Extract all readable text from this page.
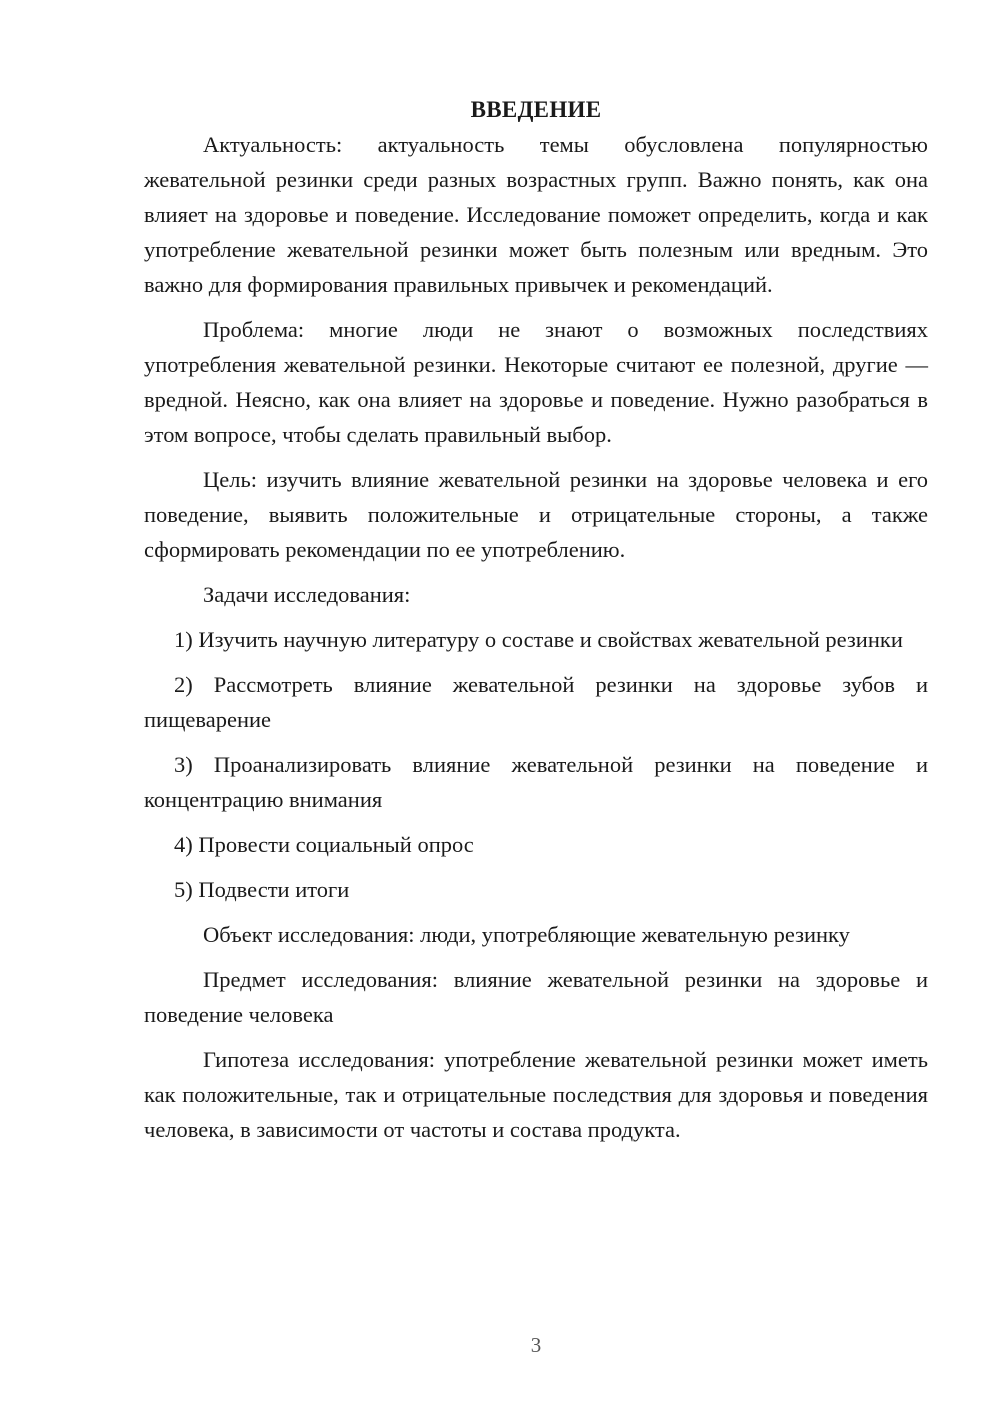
ВВЕДЕНИЕ

Актуальность: актуальность темы обусловлена популярностью жевательной резинки среди разных возрастных групп. Важно понять, как она влияет на здоровье и поведение. Исследование поможет определить, когда и как употребление жевательной резинки может быть полезным или вредным. Это важно для формирования правильных привычек и рекомендаций.

Проблема: многие люди не знают о возможных последствиях употребления жевательной резинки. Некоторые считают ее полезной, другие — вредной. Неясно, как она влияет на здоровье и поведение. Нужно разобраться в этом вопросе, чтобы сделать правильный выбор.

Цель: изучить влияние жевательной резинки на здоровье человека и его поведение, выявить положительные и отрицательные стороны, а также сформировать рекомендации по ее употреблению.

Задачи исследования:

1) Изучить научную литературу о составе и свойствах жевательной резинки

2) Рассмотреть влияние жевательной резинки на здоровье зубов и пищеварение

3) Проанализировать влияние жевательной резинки на поведение и концентрацию внимания

4) Провести социальный опрос

5) Подвести итоги

Объект исследования: люди, употребляющие жевательную резинку

Предмет исследования: влияние жевательной резинки на здоровье и поведение человека

Гипотеза исследования: употребление жевательной резинки может иметь как положительные, так и отрицательные последствия для здоровья и поведения человека, в зависимости от частоты и состава продукта.

3
